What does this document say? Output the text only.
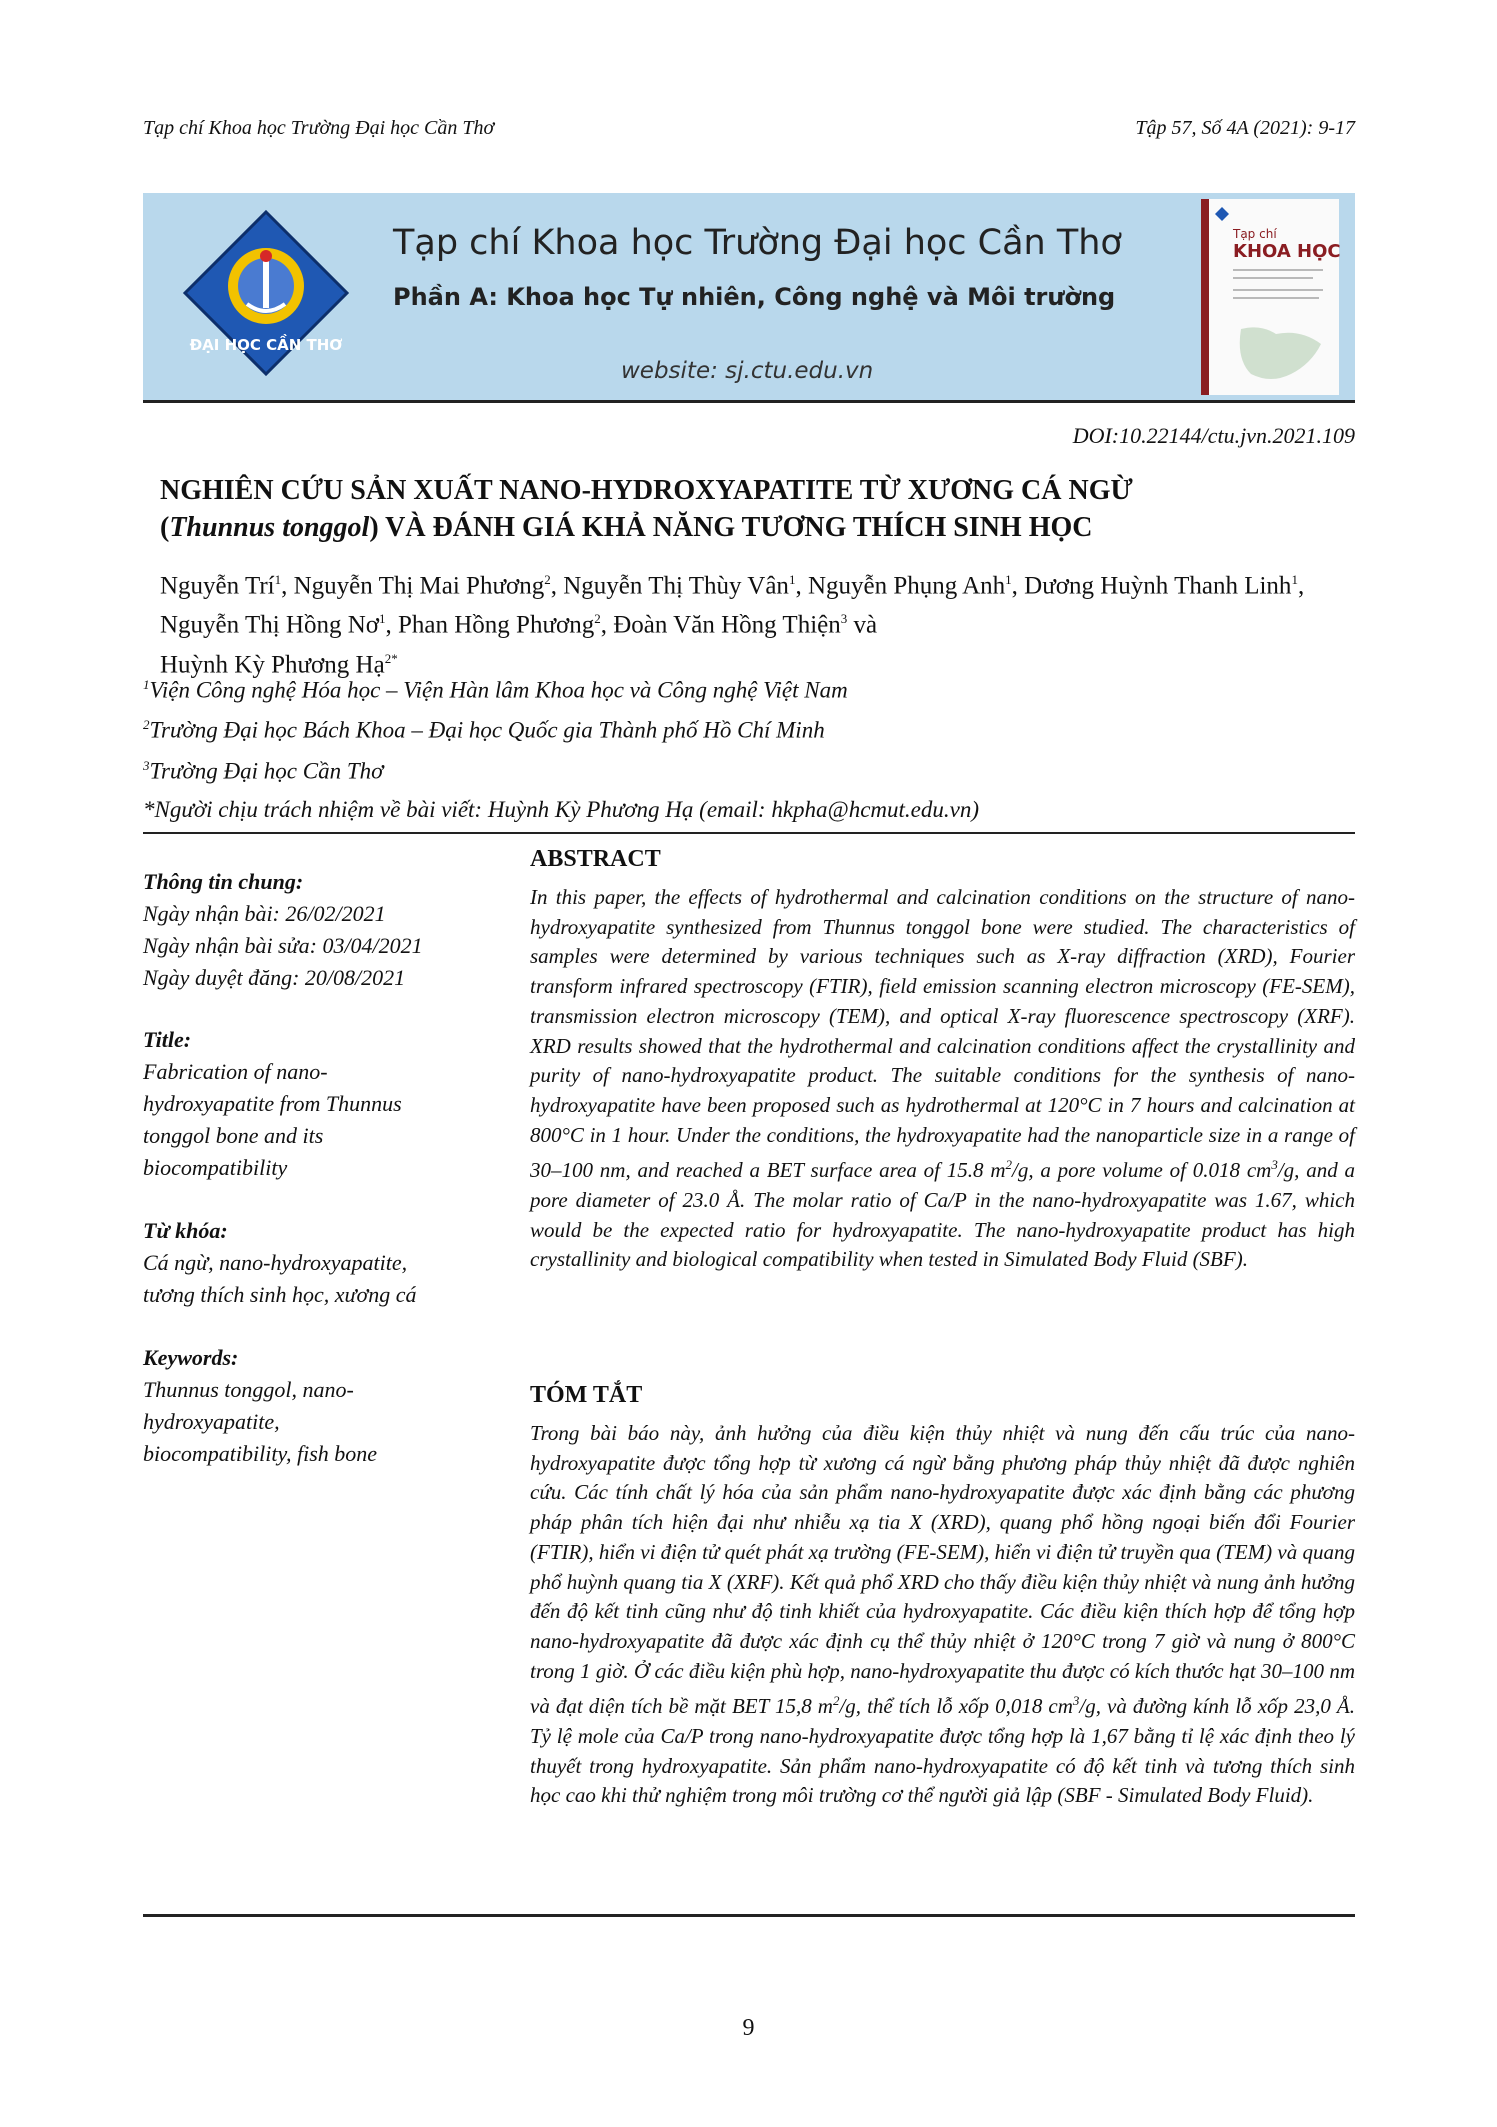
Tạp chí Khoa học Trường Đại học Cần Thơ	Tập 57, Số 4A (2021): 9-17
ĐẠI HỌC CẦN THƠ
Tạp chí Khoa học Trường Đại học Cần Thơ
Phần A: Khoa học Tự nhiên, Công nghệ và Môi trường
website: sj.ctu.edu.vn
Tạp chí
KHOA HỌC
DOI:10.22144/ctu.jvn.2021.109
NGHIÊN CỨU SẢN XUẤT NANO-HYDROXYAPATITE TỪ XƯƠNG CÁ NGỪ
(Thunnus tonggol) VÀ ĐÁNH GIÁ KHẢ NĂNG TƯƠNG THÍCH SINH HỌC
Nguyễn Trí$^1$, Nguyễn Thị Mai Phương$^2$, Nguyễn Thị Thùy Vân$^1$, Nguyễn Phụng Anh$^1$, Dương Huỳnh Thanh Linh$^1$, Nguyễn Thị Hồng $Nơ^1$, Phan Hồng Phương$^2$, Đoàn Văn Hồng Thiện$^3$ và
Huỳnh Kỳ Phương Hạ$^{2*}$
$^1$Viện Công nghệ Hóa học – Viện Hàn lâm Khoa học và Công nghệ Việt Nam
$^2$Trường Đại học Bách Khoa – Đại học Quốc gia Thành phố Hồ Chí Minh
$^3$Trường Đại học Cần Thơ
*Người chịu trách nhiệm về bài viết: Huỳnh Kỳ Phương Hạ (email: hkpha@hcmut.edu.vn)
Thông tin chung:
Ngày nhận bài: 26/02/2021
Ngày nhận bài sửa: 03/04/2021
Ngày duyệt đăng: 20/08/2021
Title:
Fabrication of nano-
hydroxyapatite from Thunnus
tonggol bone and its
biocompatibility
Từ khóa:
Cá ngừ, nano-hydroxyapatite,
tương thích sinh học, xương cá
Keywords:
Thunnus tonggol, nano-
hydroxyapatite,
biocompatibility, fish bone
ABSTRACT
In this paper, the effects of hydrothermal and calcination conditions on the structure of nano-hydroxyapatite synthesized from Thunnus tonggol bone were studied. The characteristics of samples were determined by various techniques such as X-ray diffraction (XRD), Fourier transform infrared spectroscopy (FTIR), field emission scanning electron microscopy (FE-SEM), transmission electron microscopy (TEM), and optical X-ray fluorescence spectroscopy (XRF). XRD results showed that the hydrothermal and calcination conditions affect the crystallinity and purity of nano-hydroxyapatite product. The suitable conditions for the synthesis of nano-hydroxyapatite have been proposed such as hydrothermal at 120°C in 7 hours and calcination at 800°C in 1 hour. Under the conditions, the hydroxyapatite had the nanoparticle size in a range of 30–100 nm, and reached a BET surface area of 15.8 $m^2/g$, a pore volume of 0.018 $cm^3/g$, and a pore diameter of 23.0 Å. The molar ratio of Ca/P in the nano-hydroxyapatite was 1.67, which would be the expected ratio for hydroxyapatite. The nano-hydroxyapatite product has high crystallinity and biological compatibility when tested in Simulated Body Fluid (SBF).
TÓM TẮT
Trong bài báo này, ảnh hưởng của điều kiện thủy nhiệt và nung đến cấu trúc của nano-hydroxyapatite được tổng hợp từ xương cá ngừ bằng phương pháp thủy nhiệt đã được nghiên cứu. Các tính chất lý hóa của sản phẩm nano-hydroxyapatite được xác định bằng các phương pháp phân tích hiện đại như nhiễu xạ tia X (XRD), quang phổ hồng ngoại biến đổi Fourier (FTIR), hiển vi điện tử quét phát xạ trường (FE-SEM), hiển vi điện tử truyền qua (TEM) và quang phổ huỳnh quang tia X (XRF). Kết quả phổ XRD cho thấy điều kiện thủy nhiệt và nung ảnh hưởng đến độ kết tinh cũng như độ tinh khiết của hydroxyapatite. Các điều kiện thích hợp để tổng hợp nano-hydroxyapatite đã được xác định cụ thể thủy nhiệt ở 120°C trong 7 giờ và nung ở 800°C trong 1 giờ. Ở các điều kiện phù hợp, nano-hydroxyapatite thu được có kích thước hạt 30–100 nm và đạt diện tích bề mặt BET 15,8 $m^2/g$, thể tích lỗ xốp 0,018 $cm^3/g$, và đường kính lỗ xốp 23,0 Å. Tỷ lệ mole của Ca/P trong nano-hydroxyapatite được tổng hợp là 1,67 bằng tỉ lệ xác định theo lý thuyết trong hydroxyapatite. Sản phẩm nano-hydroxyapatite có độ kết tinh và tương thích sinh học cao khi thử nghiệm trong môi trường cơ thể người giả lập (SBF - Simulated Body Fluid).
9
